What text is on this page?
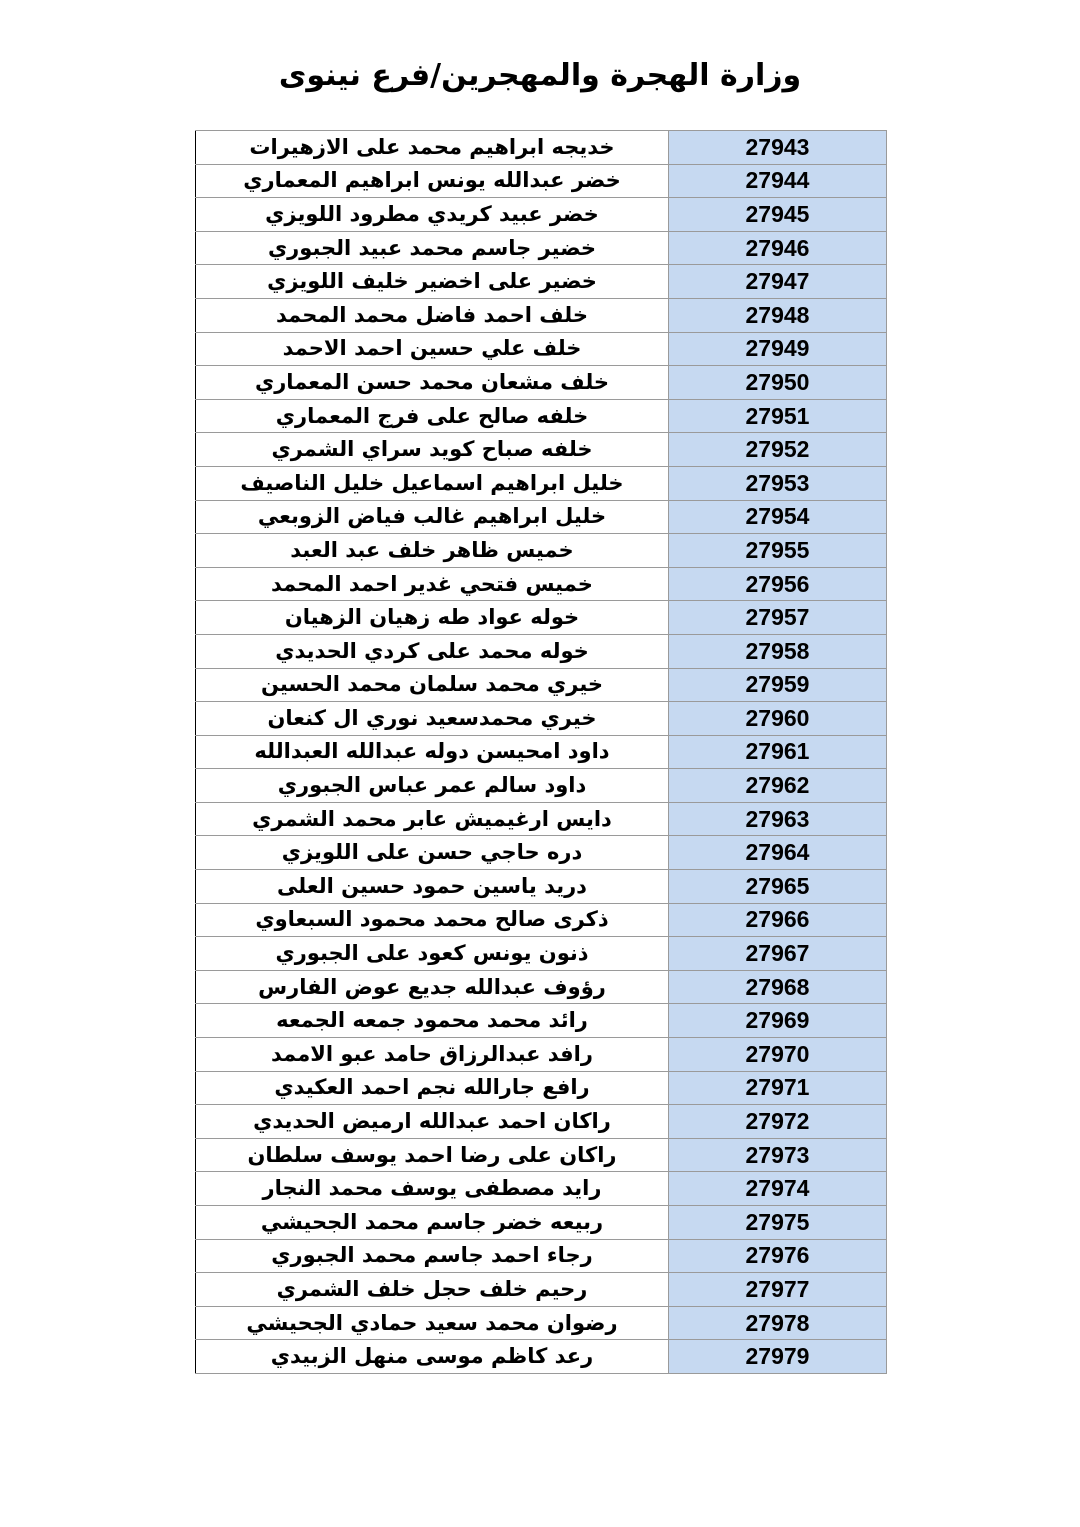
وزارة الهجرة والمهجرين/فرع نينوى
خديجه ابراهيم محمد على الازهيرات	27943
خضر عبدالله يونس ابراهيم المعماري	27944
خضر عبيد كريدي مطرود اللويزي	27945
خضير جاسم محمد عبيد الجبوري	27946
خضير على اخضير خليف اللويزي	27947
خلف احمد فاضل محمد المحمد	27948
خلف علي حسين احمد الاحمد	27949
خلف مشعان محمد حسن المعماري	27950
خلفه صالح على فرج المعماري	27951
خلفه صباح كويد سراي الشمري	27952
خليل ابراهيم اسماعيل خليل الناصيف	27953
خليل ابراهيم غالب فياض الزوبعي	27954
خميس ظاهر خلف عبد العبد	27955
خميس فتحي غدير احمد المحمد	27956
خوله عواد طه زهيان الزهيان	27957
خوله محمد على كردي الحديدي	27958
خيري محمد سلمان محمد الحسين	27959
خيري محمدسعيد نوري ال كنعان	27960
داود امحيسن دوله عبدالله العبدالله	27961
داود سالم عمر عباس الجبوري	27962
دايس ارغيميش عابر محمد الشمري	27963
دره حاجي حسن على اللويزي	27964
دريد ياسين حمود حسين العلى	27965
ذكرى صالح محمد محمود السبعاوي	27966
ذنون يونس كعود على الجبوري	27967
رؤوف عبدالله جديع عوض الفارس	27968
رائد محمد محمود جمعه الجمعه	27969
رافد عبدالرزاق حامد عبو الاممد	27970
رافع جارالله نجم احمد العكيدي	27971
راكان احمد عبدالله ارميض الحديدي	27972
راكان على رضا احمد يوسف سلطان	27973
رايد مصطفى يوسف محمد النجار	27974
ربيعه خضر جاسم محمد الجحيشي	27975
رجاء احمد جاسم محمد الجبوري	27976
رحيم خلف حجل خلف الشمري	27977
رضوان محمد سعيد حمادي الجحيشي	27978
رعد كاظم موسى منهل الزبيدي	27979
